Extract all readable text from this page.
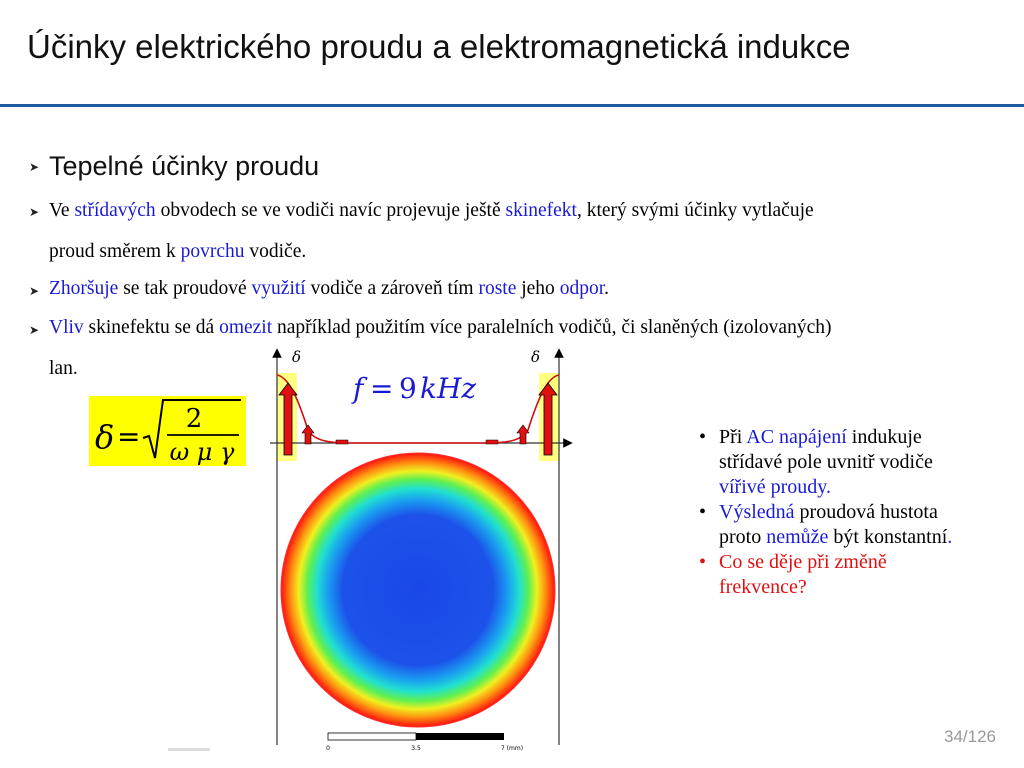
Účinky elektrického proudu a elektromagnetická indukce
➤ Tepelné účinky proudu
➤ Ve střídavých obvodech se ve vodiči navíc projevuje ještě skinefekt, který svými účinky vytlačuje
proud směrem k povrchu vodiče.
➤ Zhoršuje se tak proudové využití vodiče a zároveň tím roste jeho odpor.
➤ Vliv skinefektu se dá omezit například použitím více paralelních vodičů, či slaněných (izolovaných)
lan.
δ =
2
ω μ γ
δ	δ
f = 9 kHz
0	3.5	7 (mm)
• Při AC napájení indukuje
střídavé pole uvnitř vodiče
vířivé proudy.
• Výsledná proudová hustota
proto nemůže být konstantní.
• Co se děje při změně
frekvence?
34/126
